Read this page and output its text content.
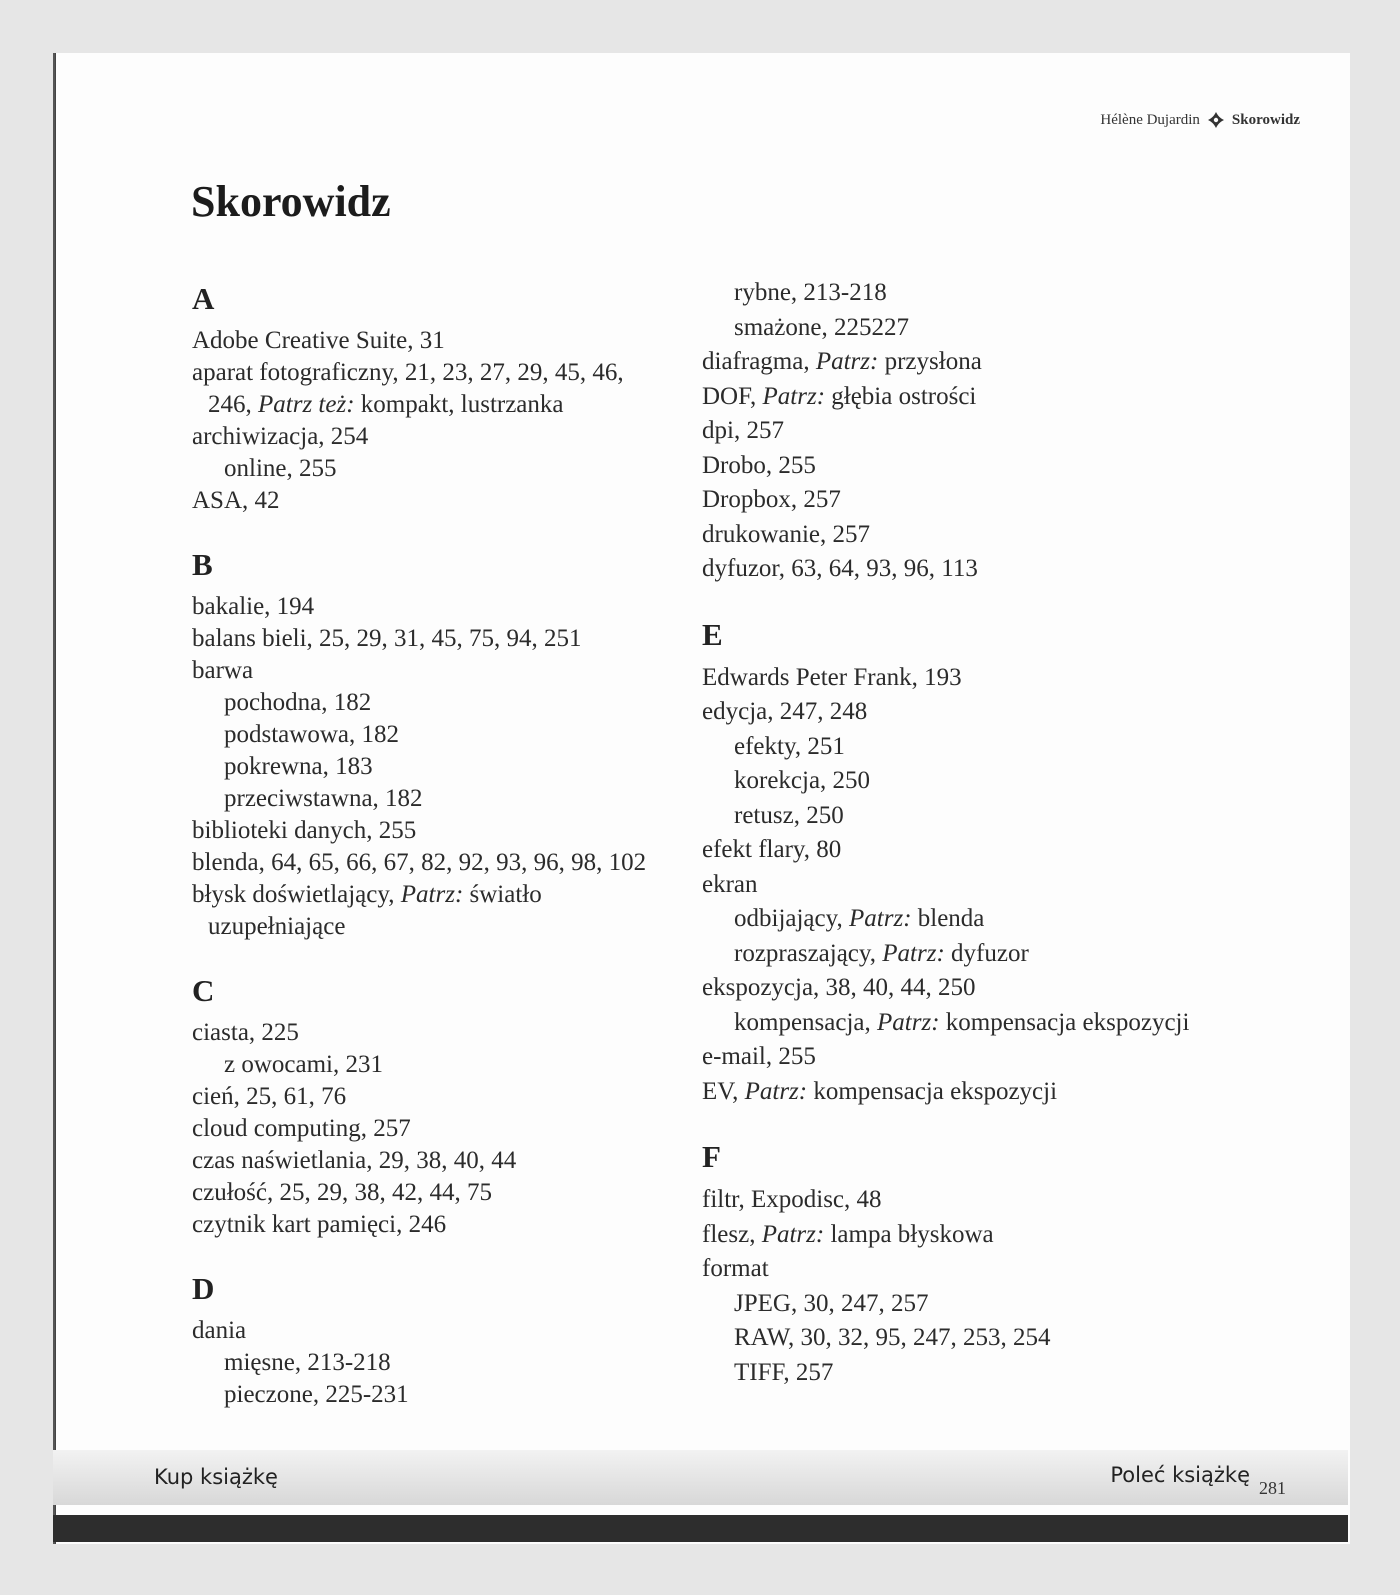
Hélène Dujardin Skorowidz
Skorowidz
A
Adobe Creative Suite, 31
aparat fotograficzny, 21, 23, 27, 29, 45, 46,
246, Patrz też: kompakt, lustrzanka
archiwizacja, 254
online, 255
ASA, 42
B
bakalie, 194
balans bieli, 25, 29, 31, 45, 75, 94, 251
barwa
pochodna, 182
podstawowa, 182
pokrewna, 183
przeciwstawna, 182
biblioteki danych, 255
blenda, 64, 65, 66, 67, 82, 92, 93, 96, 98, 102
błysk doświetlający, Patrz: światło
uzupełniające
C
ciasta, 225
z owocami, 231
cień, 25, 61, 76
cloud computing, 257
czas naświetlania, 29, 38, 40, 44
czułość, 25, 29, 38, 42, 44, 75
czytnik kart pamięci, 246
D
dania
mięsne, 213-218
pieczone, 225-231
rybne, 213-218
smażone, 225227
diafragma, Patrz: przysłona
DOF, Patrz: głębia ostrości
dpi, 257
Drobo, 255
Dropbox, 257
drukowanie, 257
dyfuzor, 63, 64, 93, 96, 113
E
Edwards Peter Frank, 193
edycja, 247, 248
efekty, 251
korekcja, 250
retusz, 250
efekt flary, 80
ekran
odbijający, Patrz: blenda
rozpraszający, Patrz: dyfuzor
ekspozycja, 38, 40, 44, 250
kompensacja, Patrz: kompensacja ekspozycji
e-mail, 255
EV, Patrz: kompensacja ekspozycji
F
filtr, Expodisc, 48
flesz, Patrz: lampa błyskowa
format
JPEG, 30, 247, 257
RAW, 30, 32, 95, 247, 253, 254
TIFF, 257
Kup książkę	Poleć książkę
281
